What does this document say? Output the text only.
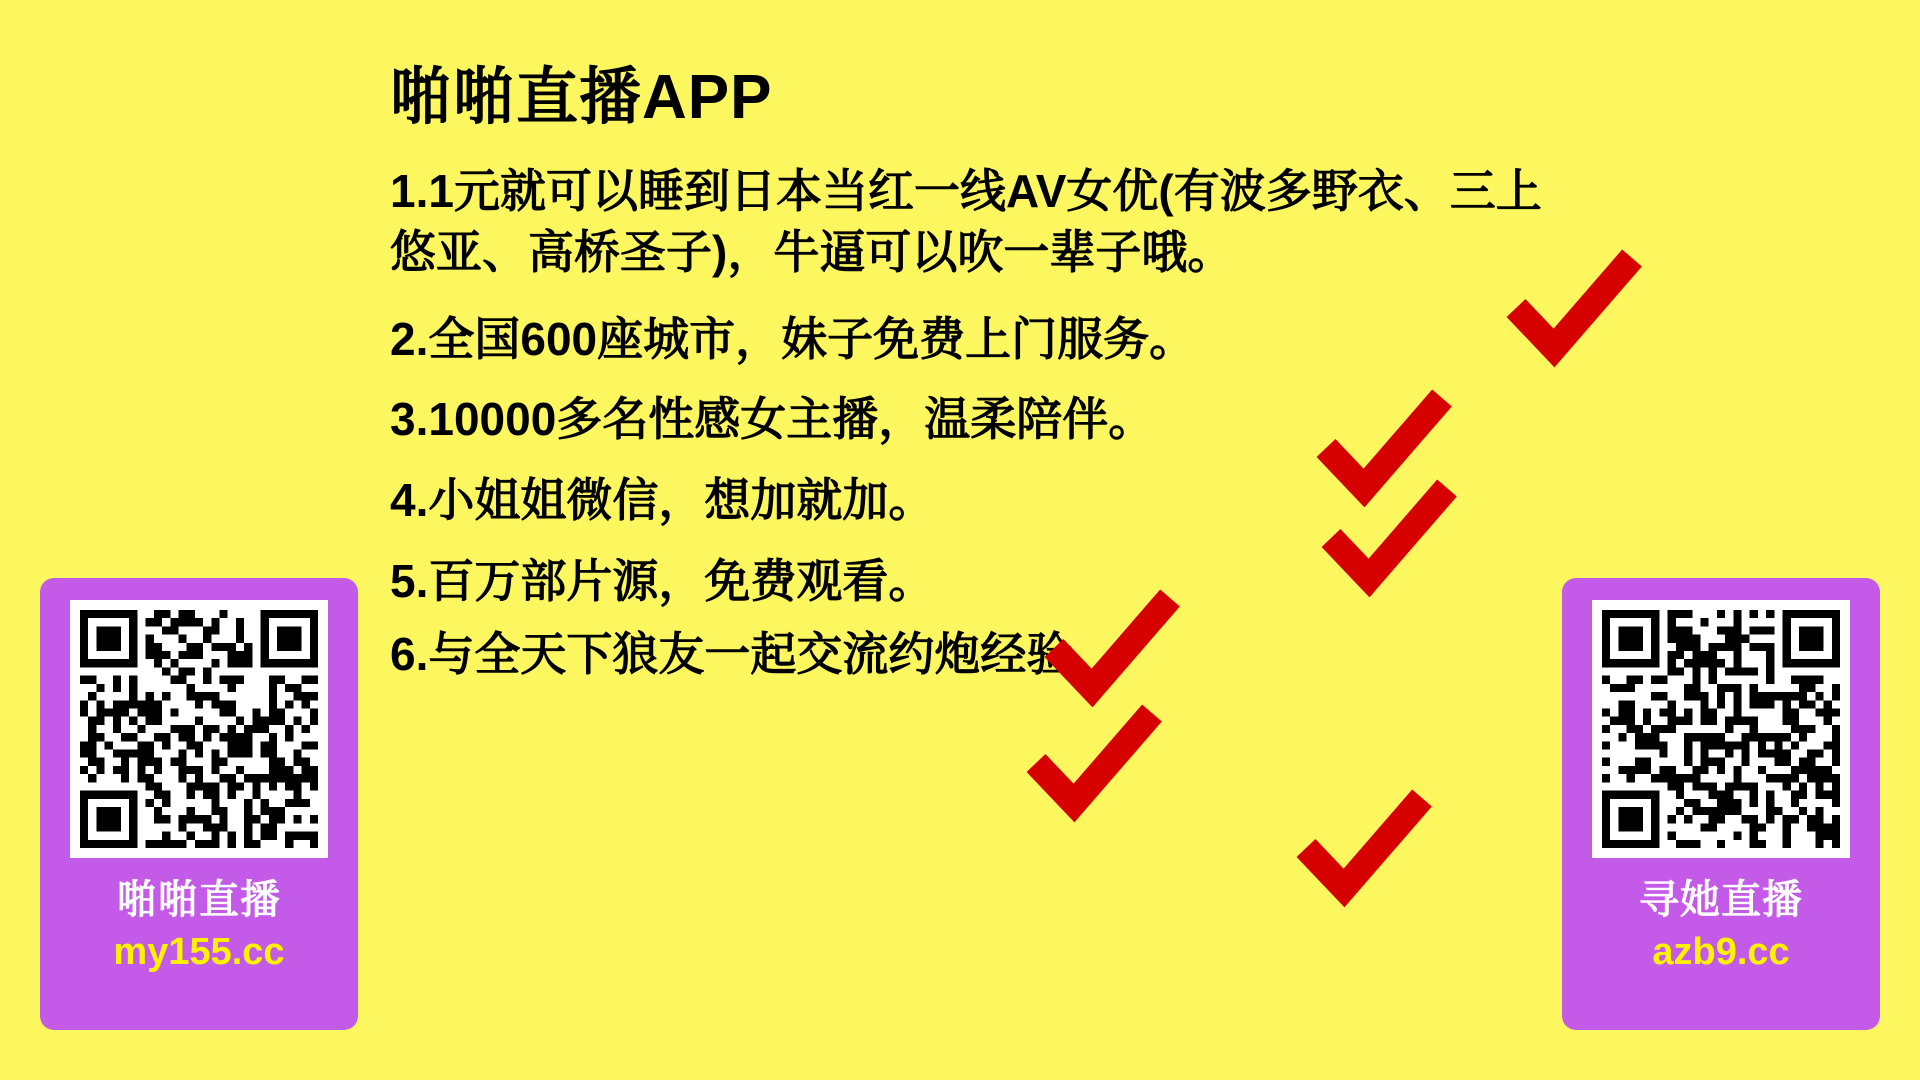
啪啪直播APP
1.1元就可以睡到日本当红一线AV女优(有波多野衣、三上悠亚、高桥圣子)，牛逼可以吹一辈子哦。
2.全国600座城市，妹子免费上门服务。
3.10000多名性感女主播，温柔陪伴。
4.小姐姐微信，想加就加。
5.百万部片源，免费观看。
6.与全天下狼友一起交流约炮经验。
啪啪直播
my155.cc
寻她直播
azb9.cc
